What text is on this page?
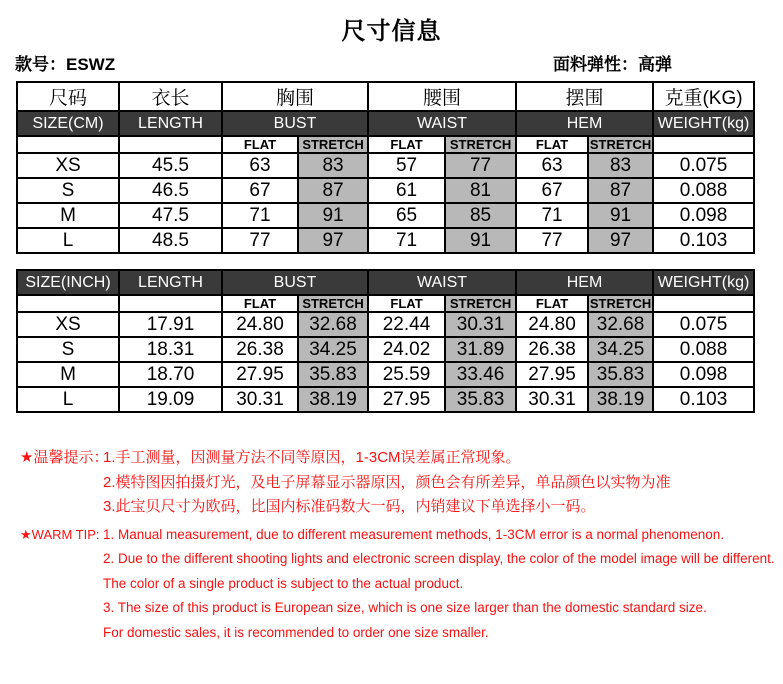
尺寸信息
款号：ESWZ	面料弹性：高弹
尺码	衣长	胸围		腰围		摆围		克重(KG)
SIZE(CM)	LENGTH	BUST		WAIST		HEM		WEIGHT(kg)
		FLAT	STRETCH	FLAT	STRETCH	FLAT	STRETCH	
XS	45.5	63	83	57	77	63	83	0.075
S	46.5	67	87	61	81	67	87	0.088
M	47.5	71	91	65	85	71	91	0.098
L	48.5	77	97	71	91	77	97	0.103
SIZE(INCH)	LENGTH	BUST		WAIST		HEM		WEIGHT(kg)
		FLAT	STRETCH	FLAT	STRETCH	FLAT	STRETCH	
XS	17.91	24.80	32.68	22.44	30.31	24.80	32.68	0.075
S	18.31	26.38	34.25	24.02	31.89	26.38	34.25	0.088
M	18.70	27.95	35.83	25.59	33.46	27.95	35.83	0.098
L	19.09	30.31	38.19	27.95	35.83	30.31	38.19	0.103
★温馨提示：
1.手工测量，因测量方法不同等原因，1-3CM误差属正常现象。
2.模特图因拍摄灯光，及电子屏幕显示器原因，颜色会有所差异，单品颜色以实物为准
3.此宝贝尺寸为欧码，比国内标准码数大一码，内销建议下单选择小一码。
★WARM TIP: 1. Manual measurement, due to different measurement methods, 1-3CM error is a normal phenomenon.
2. Due to the different shooting lights and electronic screen display, the color of the model image will be different.
The color of a single product is subject to the actual product.
3. The size of this product is European size, which is one size larger than the domestic standard size.
For domestic sales, it is recommended to order one size smaller.
